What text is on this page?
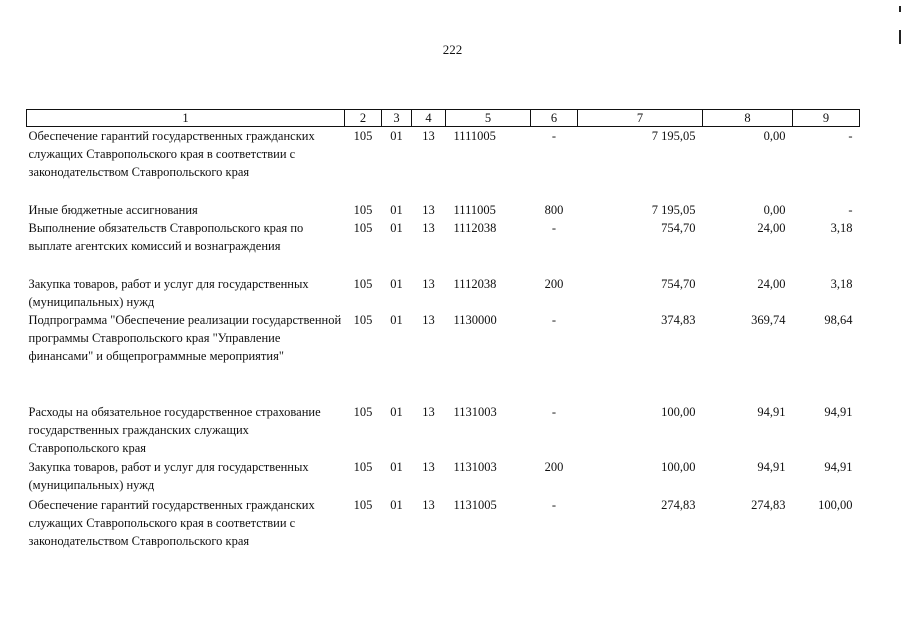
222
1	2	3	4	5	6	7	8	9
Обеспечение гарантий государственных гражданских служащих Ставропольского края в соответствии с законодательством Ставропольского края	105	01	13	1111005	-	7 195,05	0,00	-
Иные бюджетные ассигнования	105	01	13	1111005	800	7 195,05	0,00	-
Выполнение обязательств Ставропольского края по выплате агентских комиссий и вознаграждения	105	01	13	1112038	-	754,70	24,00	3,18
Закупка товаров, работ и услуг для государственных (муниципальных) нужд	105	01	13	1112038	200	754,70	24,00	3,18
Подпрограмма "Обеспечение реализации государственной программы Ставропольского края "Управление финансами" и общепрограммные мероприятия"	105	01	13	1130000	-	374,83	369,74	98,64
Расходы на обязательное государственное страхование государственных гражданских служащих Ставропольского края	105	01	13	1131003	-	100,00	94,91	94,91
Закупка товаров, работ и услуг для государственных (муниципальных) нужд	105	01	13	1131003	200	100,00	94,91	94,91
Обеспечение гарантий государственных гражданских служащих Ставропольского края в соответствии с законодательством Ставропольского края	105	01	13	1131005	-	274,83	274,83	100,00
